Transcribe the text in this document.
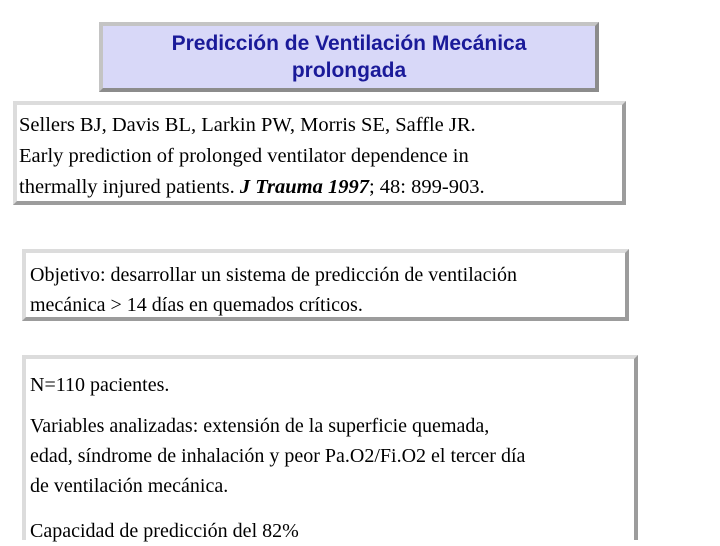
Predicción de Ventilación Mecánica
prolongada

Sellers BJ, Davis BL, Larkin PW, Morris SE, Saffle JR.

Early prediction of prolonged ventilator dependence in

thermally injured patients. J Trauma 1997; 48: 899-903.

Objetivo: desarrollar un sistema de predicción de ventilación

mecánica > 14 días en quemados críticos.

N=110 pacientes.

Variables analizadas: extensión de la superficie quemada,

edad, síndrome de inhalación y peor Pa.O2/Fi.O2 el tercer día

de ventilación mecánica.

Capacidad de predicción del 82%
